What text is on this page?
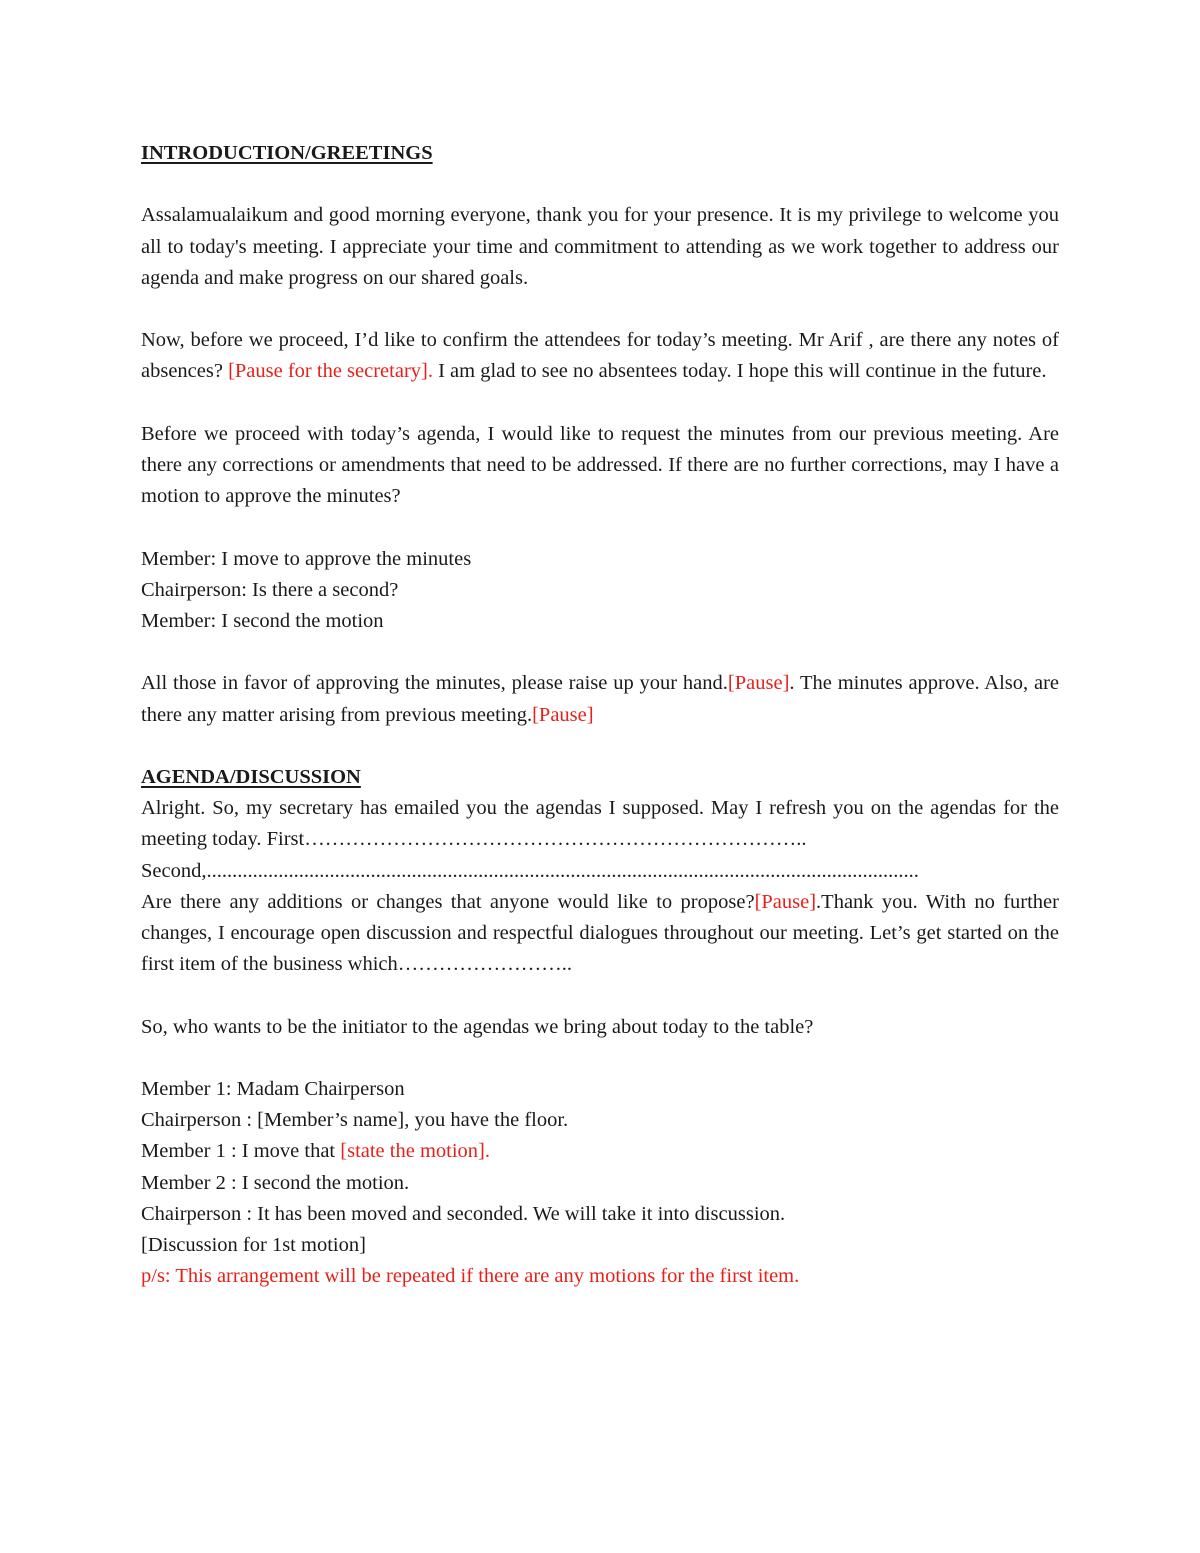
INTRODUCTION/GREETINGS

Assalamualaikum and good morning everyone, thank you for your presence. It is my privilege to welcome you all to today's meeting. I appreciate your time and commitment to attending as we work together to address our agenda and make progress on our shared goals.

Now, before we proceed, I’d like to confirm the attendees for today’s meeting. Mr Arif , are there any notes of absences? [Pause for the secretary]. I am glad to see no absentees today. I hope this will continue in the future.

Before we proceed with today’s agenda, I would like to request the minutes from our previous meeting. Are there any corrections or amendments that need to be addressed. If there are no further corrections, may I have a motion to approve the minutes?

Member: I move to approve the minutes

Chairperson: Is there a second?

Member: I second the motion

All those in favor of approving the minutes, please raise up your hand.[Pause]. The minutes approve. Also, are there any matter arising from previous meeting.[Pause]

AGENDA/DISCUSSION

Alright. So, my secretary has emailed you the agendas I supposed. May I refresh you on the agendas for the meeting today. First………………………………………………………………..

Second,...........................................................................................................................................

Are there any additions or changes that anyone would like to propose?[Pause].Thank you. With no further changes, I encourage open discussion and respectful dialogues throughout our meeting. Let’s get started on the first item of the business which……………………..

So, who wants to be the initiator to the agendas we bring about today to the table?

Member 1: Madam Chairperson

Chairperson : [Member’s name], you have the floor.

Member 1 : I move that [state the motion].

Member 2 : I second the motion.

Chairperson : It has been moved and seconded. We will take it into discussion.

[Discussion for 1st motion]

p/s: This arrangement will be repeated if there are any motions for the first item.
